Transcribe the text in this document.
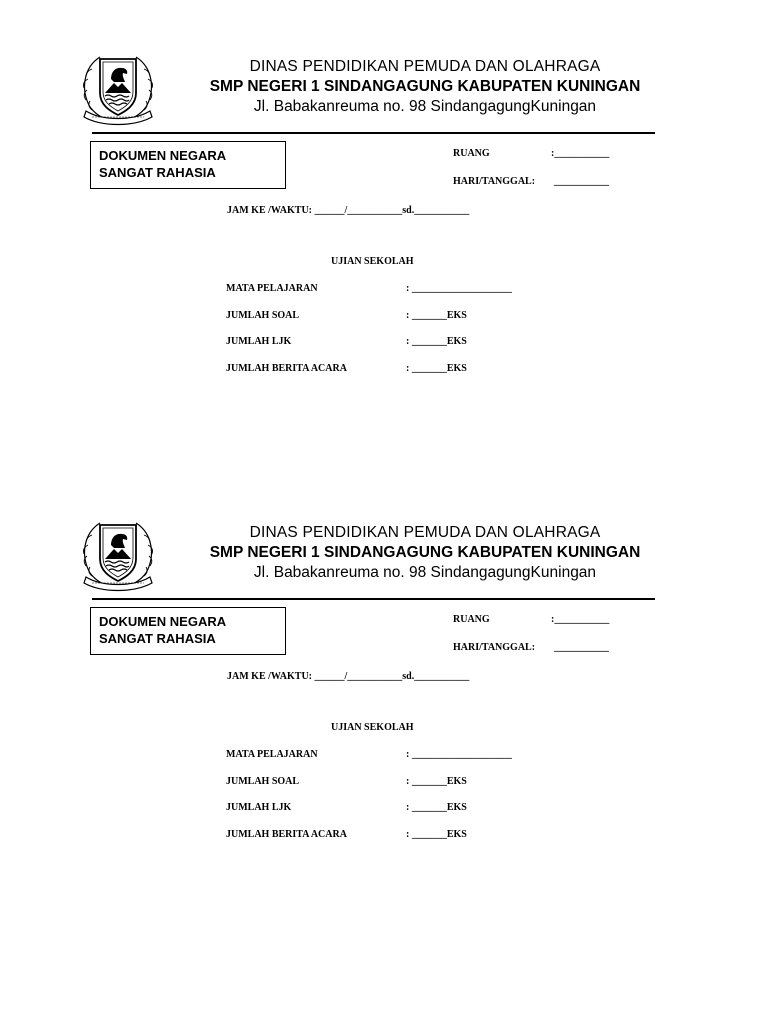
DINAS PENDIDIKAN PEMUDA DAN OLAHRAGA
SMP NEGERI 1 SINDANGAGUNG KABUPATEN KUNINGAN
Jl. Babakanreuma no. 98 SindangagungKuningan
DOKUMEN NEGARA
SANGAT RAHASIA
RUANG	:___________
HARI/TANGGAL: ___________
JAM KE /WAKTU: ______/___________sd.___________
UJIAN SEKOLAH
MATA PELAJARAN	: ____________________
JUMLAH SOAL	: _______EKS
JUMLAH LJK	: _______EKS
JUMLAH BERITA ACARA	: _______EKS
DINAS PENDIDIKAN PEMUDA DAN OLAHRAGA
SMP NEGERI 1 SINDANGAGUNG KABUPATEN KUNINGAN
Jl. Babakanreuma no. 98 SindangagungKuningan
DOKUMEN NEGARA
SANGAT RAHASIA
RUANG	:___________
HARI/TANGGAL: ___________
JAM KE /WAKTU: ______/___________sd.___________
UJIAN SEKOLAH
MATA PELAJARAN	: ____________________
JUMLAH SOAL	: _______EKS
JUMLAH LJK	: _______EKS
JUMLAH BERITA ACARA	: _______EKS
